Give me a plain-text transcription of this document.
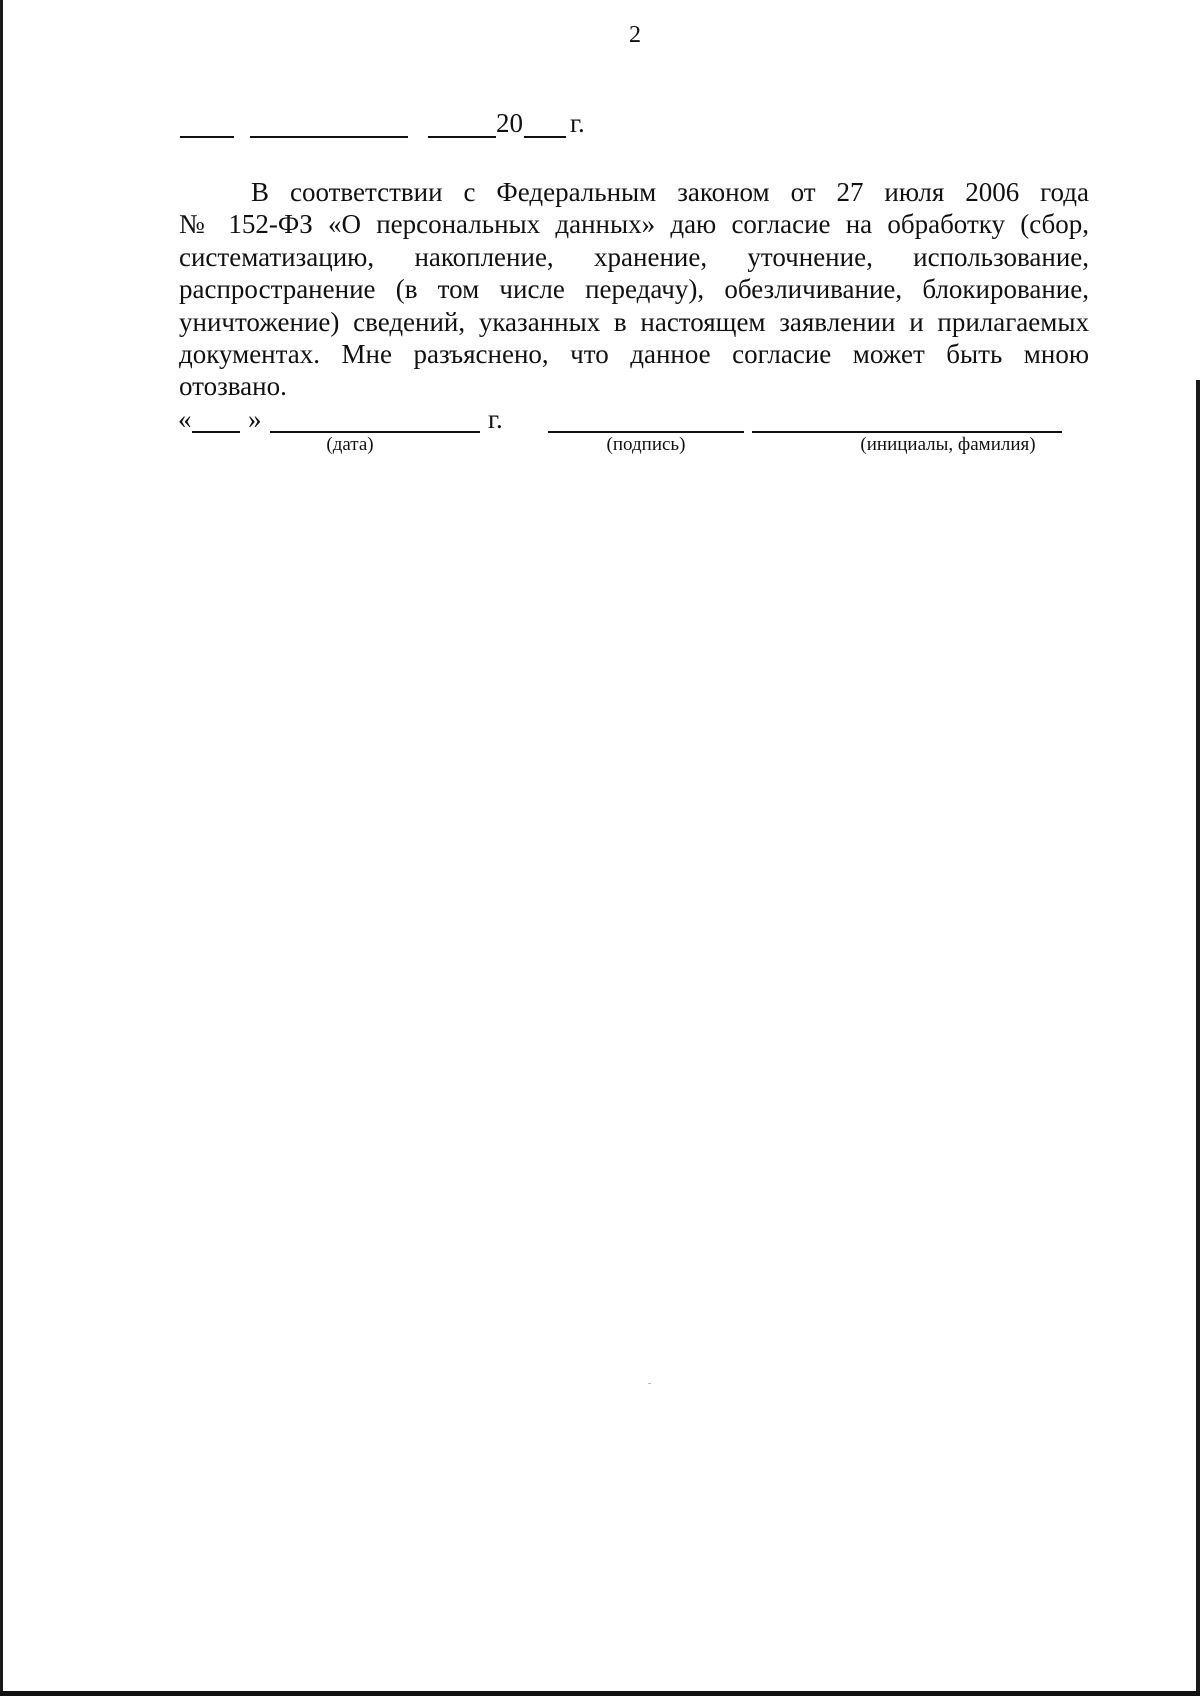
2
20 г.
В соответствии с Федеральным законом от 27 июля 2006 года
№ 152-ФЗ «О персональных данных» даю согласие на обработку (сбор,
систематизацию, накопление, хранение, уточнение, использование,
распространение (в том числе передачу), обезличивание, блокирование,
уничтожение) сведений, указанных в настоящем заявлении и прилагаемых
документах. Мне разъяснено, что данное согласие может быть мною
отозвано.
« »	г.
(дата)	(подпись)	(инициалы, фамилия)
